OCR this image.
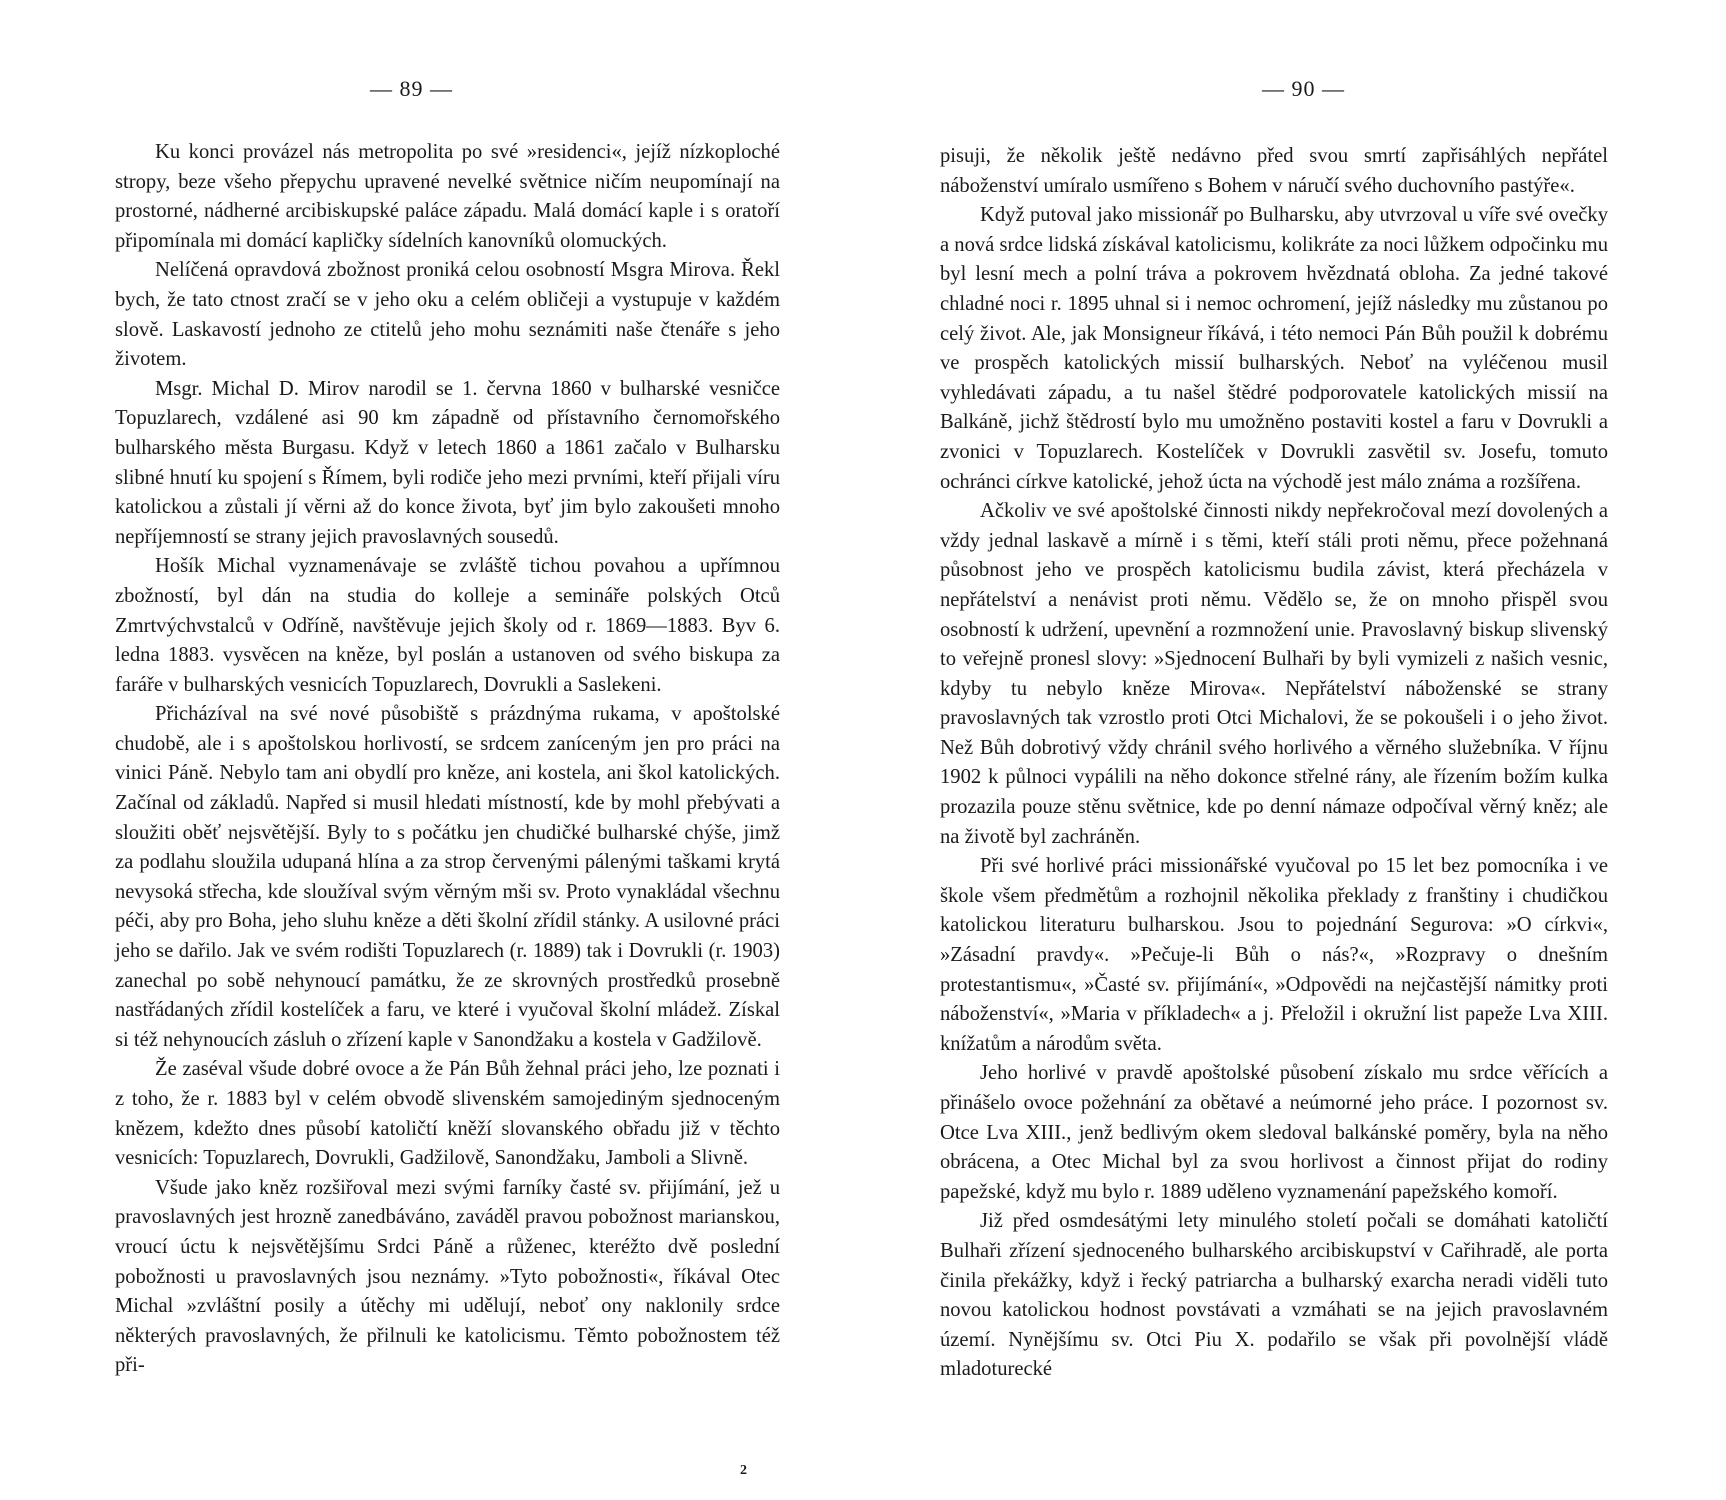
— 89 —

Ku konci provázel nás metropolita po své »residenci«, jejíž nízkoploché stropy, beze všeho přepychu upravené nevelké světnice ničím neupomínají na prostorné, nádherné arcibiskupské paláce západu. Malá domácí kaple i s oratoří připomínala mi domácí kapličky sídelních kanovníků olomuckých.

Nelíčená opravdová zbožnost proniká celou osobností Msgra Mirova. Řekl bych, že tato ctnost zračí se v jeho oku a celém obličeji a vystupuje v každém slově. Laskavostí jednoho ze ctitelů jeho mohu seznámiti naše čtenáře s jeho životem.

Msgr. Michal D. Mirov narodil se 1. června 1860 v bulharské vesničce Topuzlarech, vzdálené asi 90 km západně od přístavního černomořského bulharského města Burgasu. Když v letech 1860 a 1861 začalo v Bulharsku slibné hnutí ku spojení s Římem, byli rodiče jeho mezi prvními, kteří přijali víru katolickou a zůstali jí věrni až do konce života, byť jim bylo zakoušeti mnoho nepříjemností se strany jejich pravoslavných sousedů.

Hošík Michal vyznamenávaje se zvláště tichou povahou a upřímnou zbožností, byl dán na studia do kolleje a semináře polských Otců Zmrtvýchvstalců v Odříně, navštěvuje jejich školy od r. 1869—1883. Byv 6. ledna 1883. vysvěcen na kněze, byl poslán a ustanoven od svého biskupa za faráře v bulharských vesnicích Topuzlarech, Dovrukli a Saslekeni.

Přicházíval na své nové působiště s prázdnýma rukama, v apoštolské chudobě, ale i s apoštolskou horlivostí, se srdcem zaníceným jen pro práci na vinici Páně. Nebylo tam ani obydlí pro kněze, ani kostela, ani škol katolických. Začínal od základů. Napřed si musil hledati místností, kde by mohl přebývati a sloužiti oběť nejsvětější. Byly to s počátku jen chudičké bulharské chýše, jimž za podlahu sloužila udupaná hlína a za strop červenými pálenými taškami krytá nevysoká střecha, kde sloužíval svým věrným mši sv. Proto vynakládal všechnu péči, aby pro Boha, jeho sluhu kněze a děti školní zřídil stánky. A usilovné práci jeho se dařilo. Jak ve svém rodišti Topuzlarech (r. 1889) tak i Dovrukli (r. 1903) zanechal po sobě nehynoucí památku, že ze skrovných prostředků prosebně nastřádaných zřídil kostelíček a faru, ve které i vyučoval školní mládež. Získal si též nehynoucích zásluh o zřízení kaple v Sanondžaku a kostela v Gadžilově.

Že zaséval všude dobré ovoce a že Pán Bůh žehnal práci jeho, lze poznati i z toho, že r. 1883 byl v celém obvodě slivenském samojediným sjednoceným knězem, kdežto dnes působí katoličtí kněží slovanského obřadu již v těchto vesnicích: Topuzlarech, Dovrukli, Gadžilově, Sanondžaku, Jamboli a Slivně.

Všude jako kněz rozšiřoval mezi svými farníky časté sv. přijímání, jež u pravoslavných jest hrozně zanedbáváno, zaváděl pravou pobožnost marianskou, vroucí úctu k nejsvětějšímu Srdci Páně a růženec, kteréžto dvě poslední pobožnosti u pravoslavných jsou neznámy. »Tyto pobožnosti«, říkával Otec Michal »zvláštní posily a útěchy mi udělují, neboť ony naklonily srdce některých pravoslavných, že přilnuli ke katolicismu. Těmto pobožnostem též při-

2
— 90 —

pisuji, že několik ještě nedávno před svou smrtí zapřisáhlých nepřátel náboženství umíralo usmířeno s Bohem v náručí svého duchovního pastýře«.

Když putoval jako missionář po Bulharsku, aby utvrzoval u víře své ovečky a nová srdce lidská získával katolicismu, kolikráte za noci lůžkem odpočinku mu byl lesní mech a polní tráva a pokrovem hvězdnatá obloha. Za jedné takové chladné noci r. 1895 uhnal si i nemoc ochromení, jejíž následky mu zůstanou po celý život. Ale, jak Monsigneur říkává, i této nemoci Pán Bůh použil k dobrému ve prospěch katolických missií bulharských. Neboť na vyléčenou musil vyhledávati západu, a tu našel štědré podporovatele katolických missií na Balkáně, jichž štědrostí bylo mu umožněno postaviti kostel a faru v Dovrukli a zvonici v Topuzlarech. Kostelíček v Dovrukli zasvětil sv. Josefu, tomuto ochránci církve katolické, jehož úcta na východě jest málo známa a rozšířena.

Ačkoliv ve své apoštolské činnosti nikdy nepřekročoval mezí dovolených a vždy jednal laskavě a mírně i s těmi, kteří stáli proti němu, přece požehnaná působnost jeho ve prospěch katolicismu budila závist, která přecházela v nepřátelství a nenávist proti němu. Vědělo se, že on mnoho přispěl svou osobností k udržení, upevnění a rozmnožení unie. Pravoslavný biskup slivenský to veřejně pronesl slovy: »Sjednocení Bulhaři by byli vymizeli z našich vesnic, kdyby tu nebylo kněze Mirova«. Nepřátelství náboženské se strany pravoslavných tak vzrostlo proti Otci Michalovi, že se pokoušeli i o jeho život. Než Bůh dobrotivý vždy chránil svého horlivého a věrného služebníka. V říjnu 1902 k půlnoci vypálili na něho dokonce střelné rány, ale řízením božím kulka prozazila pouze stěnu světnice, kde po denní námaze odpočíval věrný kněz; ale na životě byl zachráněn.

Při své horlivé práci missionářské vyučoval po 15 let bez pomocníka i ve škole všem předmětům a rozhojnil několika překlady z franštiny i chudičkou katolickou literaturu bulharskou. Jsou to pojednání Segurova: »O církvi«, »Zásadní pravdy«. »Pečuje-li Bůh o nás?«, »Rozpravy o dnešním protestantismu«, »Časté sv. přijímání«, »Odpovědi na nejčastější námitky proti náboženství«, »Maria v příkladech« a j. Přeložil i okružní list papeže Lva XIII. knížatům a národům světa.

Jeho horlivé v pravdě apoštolské působení získalo mu srdce věřících a přinášelo ovoce požehnání za obětavé a neúmorné jeho práce. I pozornost sv. Otce Lva XIII., jenž bedlivým okem sledoval balkánské poměry, byla na něho obrácena, a Otec Michal byl za svou horlivost a činnost přijat do rodiny papežské, když mu bylo r. 1889 uděleno vyznamenání papežského komoří.

Již před osmdesátými lety minulého století počali se domáhati katoličtí Bulhaři zřízení sjednoceného bulharského arcibiskupství v Cařihradě, ale porta činila překážky, když i řecký patriarcha a bulharský exarcha neradi viděli tuto novou katolickou hodnost povstávati a vzmáhati se na jejich pravoslavném území. Nynějšímu sv. Otci Piu X. podařilo se však při povolnější vládě mladoturecké
